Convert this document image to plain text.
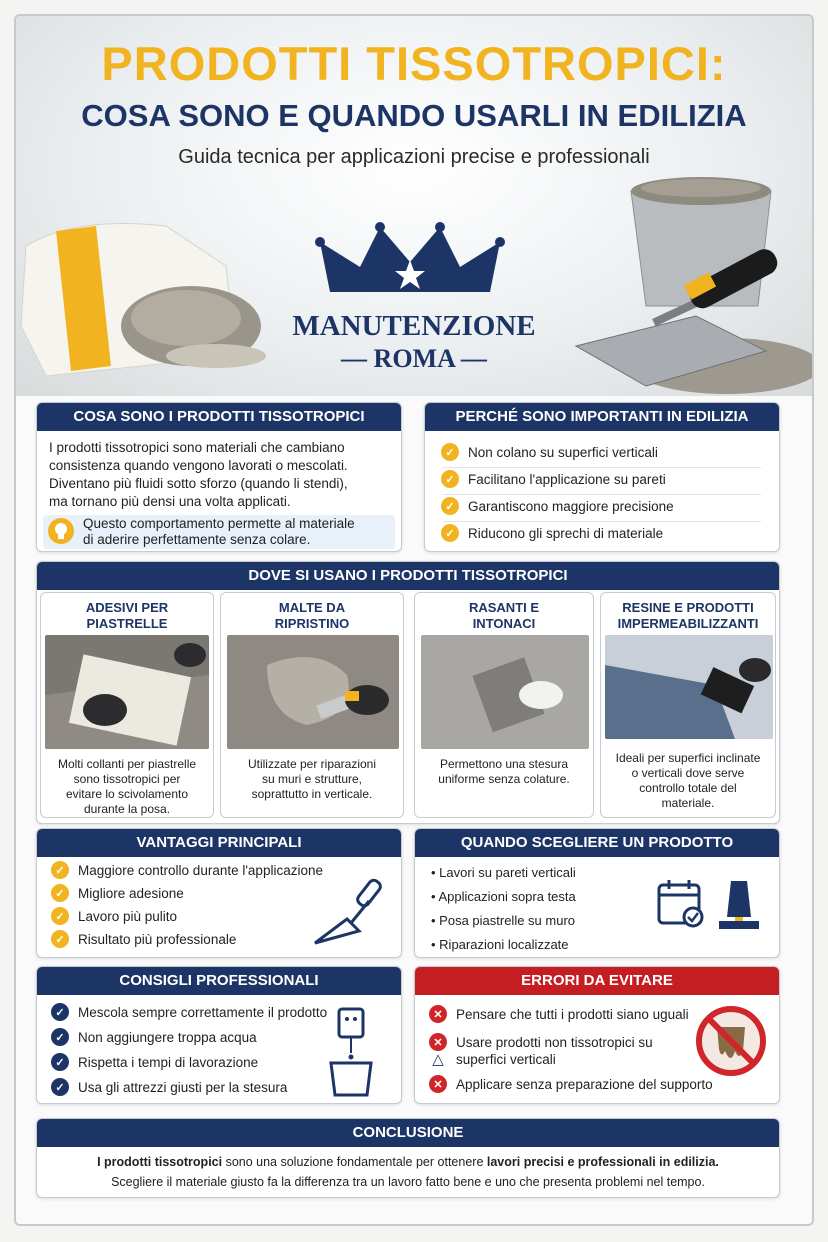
PRODOTTI TISSOTROPICI:
COSA SONO E QUANDO USARLI IN EDILIZIA
Guida tecnica per applicazioni precise e professionali
MANUTENZIONE
— ROMA —
COSA SONO I PRODOTTI TISSOTROPICI
I prodotti tissotropici sono materiali che cambiano
consistenza quando vengono lavorati o mescolati.
Diventano più fluidi sotto sforzo (quando li stendi),
ma tornano più densi una volta applicati.
Questo comportamento permette al materiale
di aderire perfettamente senza colare.
PERCHÉ SONO IMPORTANTI IN EDILIZIA
✓ Non colano su superfici verticali
✓ Facilitano l'applicazione su pareti
✓ Garantiscono maggiore precisione
✓ Riducono gli sprechi di materiale
DOVE SI USANO I PRODOTTI TISSOTROPICI
ADESIVI PER
PIASTRELLE
Molti collanti per piastrelle
sono tissotropici per
evitare lo scivolamento
durante la posa.
MALTE DA
RIPRISTINO
Utilizzate per riparazioni
su muri e strutture,
soprattutto in verticale.
RASANTI E
INTONACI
Permettono una stesura
uniforme senza colature.
RESINE E PRODOTTI
IMPERMEABILIZZANTI
Ideali per superfici inclinate
o verticali dove serve
controllo totale del
materiale.
VANTAGGI PRINCIPALI
✓ Maggiore controllo durante l'applicazione
✓ Migliore adesione
✓ Lavoro più pulito
✓ Risultato più professionale
QUANDO SCEGLIERE UN PRODOTTO TISSOTROPICO
• Lavori su pareti verticali
• Applicazioni sopra testa
• Posa piastrelle su muro
• Riparazioni localizzate
CONSIGLI PROFESSIONALI
✓ Mescola sempre correttamente il prodotto
✓ Non aggiungere troppa acqua
✓ Rispetta i tempi di lavorazione
✓ Usa gli attrezzi giusti per la stesura
ERRORI DA EVITARE
✕ Pensare che tutti i prodotti siano uguali
✕ Usare prodotti non tissotropici su
△ superfici verticali
✕ Applicare senza preparazione del supporto
CONCLUSIONE
I prodotti tissotropici sono una soluzione fondamentale per ottenere lavori precisi e professionali in edilizia.
Scegliere il materiale giusto fa la differenza tra un lavoro fatto bene e uno che presenta problemi nel tempo.
